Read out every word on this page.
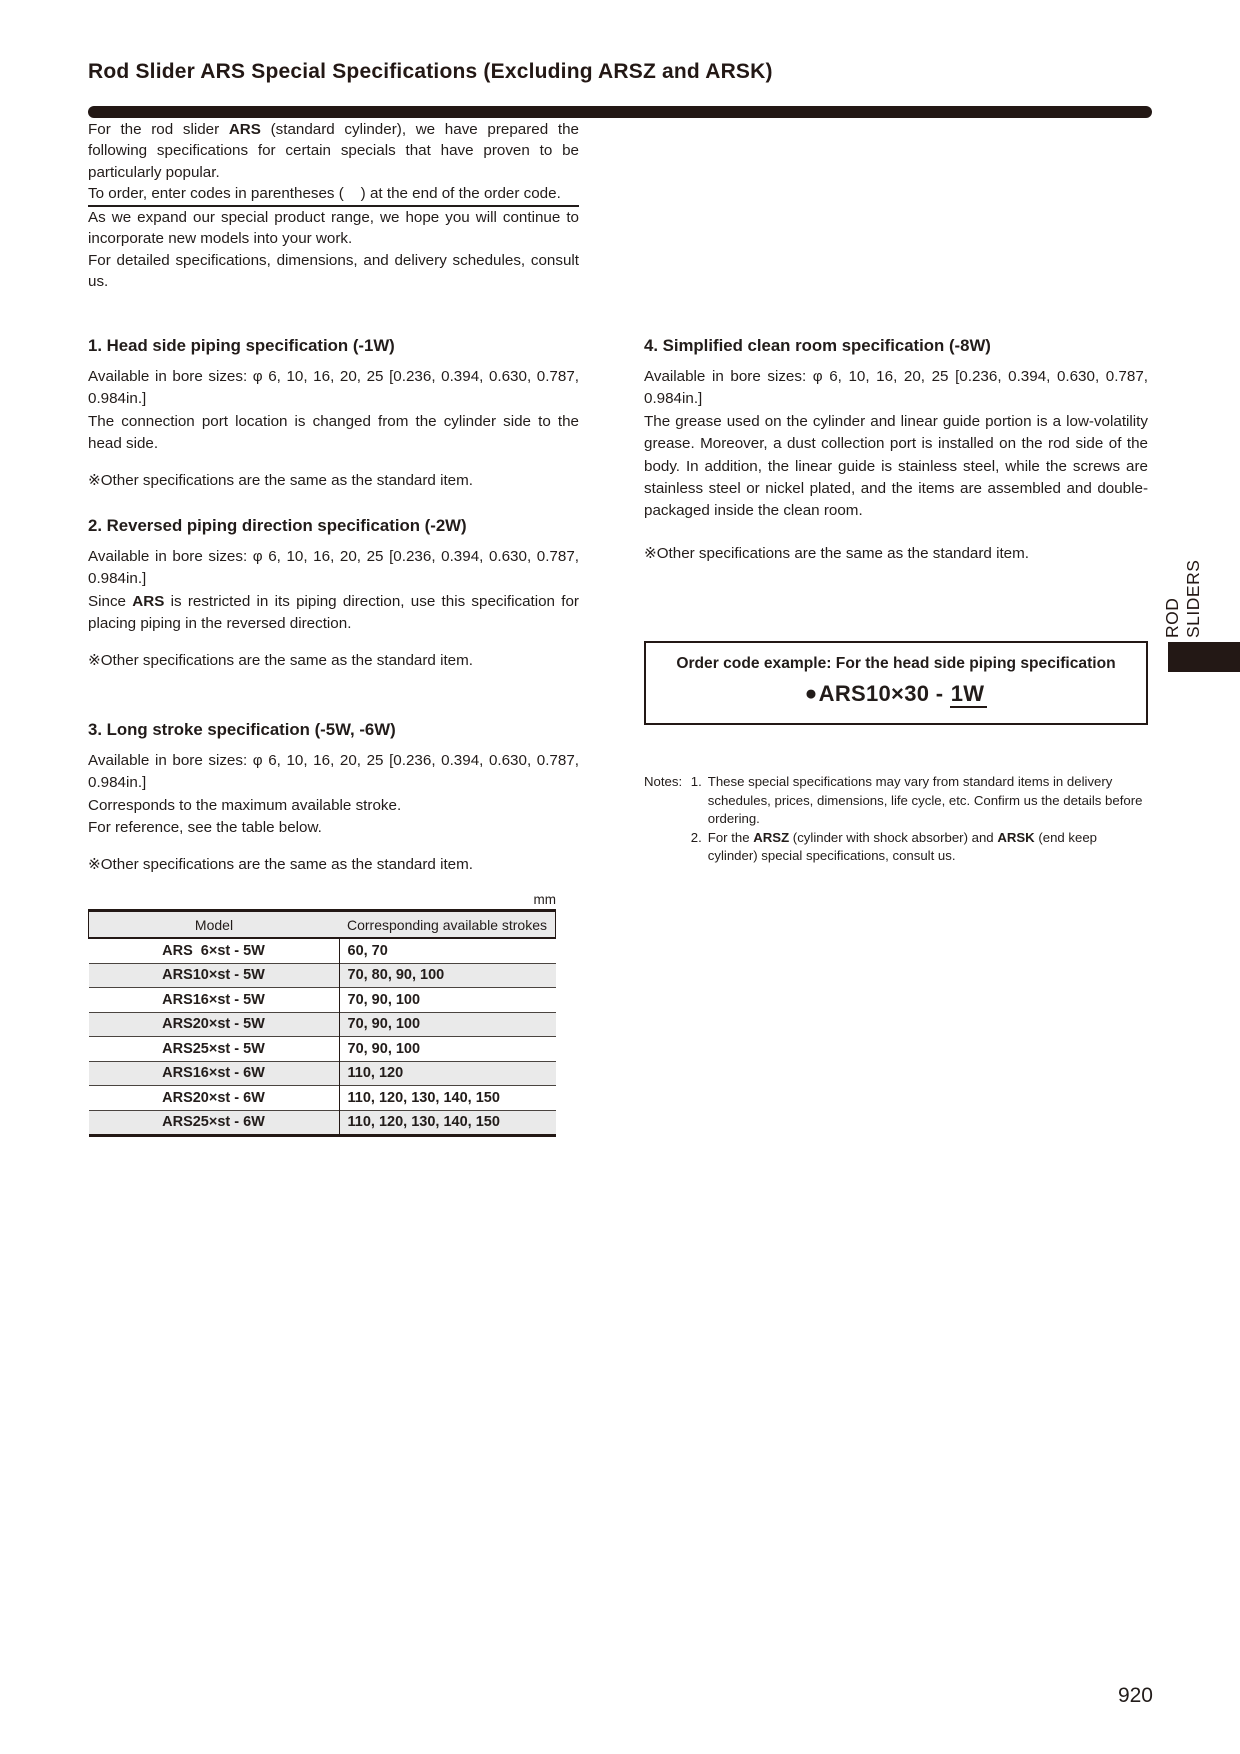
Rod Slider ARS Special Specifications (Excluding ARSZ and ARSK)

For the rod slider ARS (standard cylinder), we have prepared the following specifications for certain specials that have proven to be particularly popular.

To order, enter codes in parentheses (    ) at the end of the order code.

As we expand our special product range, we hope you will continue to incorporate new models into your work.

For detailed specifications, dimensions, and delivery schedules, consult us.

1. Head side piping specification (-1W)

Available in bore sizes: φ 6, 10, 16, 20, 25 [0.236, 0.394, 0.630, 0.787, 0.984in.]

The connection port location is changed from the cylinder side to the head side.

※Other specifications are the same as the standard item.

2. Reversed piping direction specification (-2W)

Available in bore sizes: φ 6, 10, 16, 20, 25 [0.236, 0.394, 0.630, 0.787, 0.984in.]

Since ARS is restricted in its piping direction, use this specification for placing piping in the reversed direction.

※Other specifications are the same as the standard item.

3. Long stroke specification (-5W, -6W)

Available in bore sizes: φ 6, 10, 16, 20, 25 [0.236, 0.394, 0.630, 0.787, 0.984in.]

Corresponds to the maximum available stroke.

For reference, see the table below.

※Other specifications are the same as the standard item.

mm

Model	Corresponding available strokes
ARS  6×st - 5W	60, 70
ARS10×st - 5W	70, 80, 90, 100
ARS16×st - 5W	70, 90, 100
ARS20×st - 5W	70, 90, 100
ARS25×st - 5W	70, 90, 100
ARS16×st - 6W	110, 120
ARS20×st - 6W	110, 120, 130, 140, 150
ARS25×st - 6W	110, 120, 130, 140, 150
4. Simplified clean room specification (-8W)

Available in bore sizes: φ 6, 10, 16, 20, 25 [0.236, 0.394, 0.630, 0.787, 0.984in.]

The grease used on the cylinder and linear guide portion is a low-volatility grease. Moreover, a dust collection port is installed on the rod side of the body. In addition, the linear guide is stainless steel, while the screws are stainless steel or nickel plated, and the items are assembled and double-packaged inside the clean room.

※Other specifications are the same as the standard item.

Order code example: For the head side piping specification
●ARS10×30 - 1W
Notes: 1. These special specifications may vary from standard items in delivery schedules, prices, dimensions, life cycle, etc. Confirm us the details before ordering.
2. For the ARSZ (cylinder with shock absorber) and ARSK (end keep cylinder) special specifications, consult us.
ROD SLIDERS
920
